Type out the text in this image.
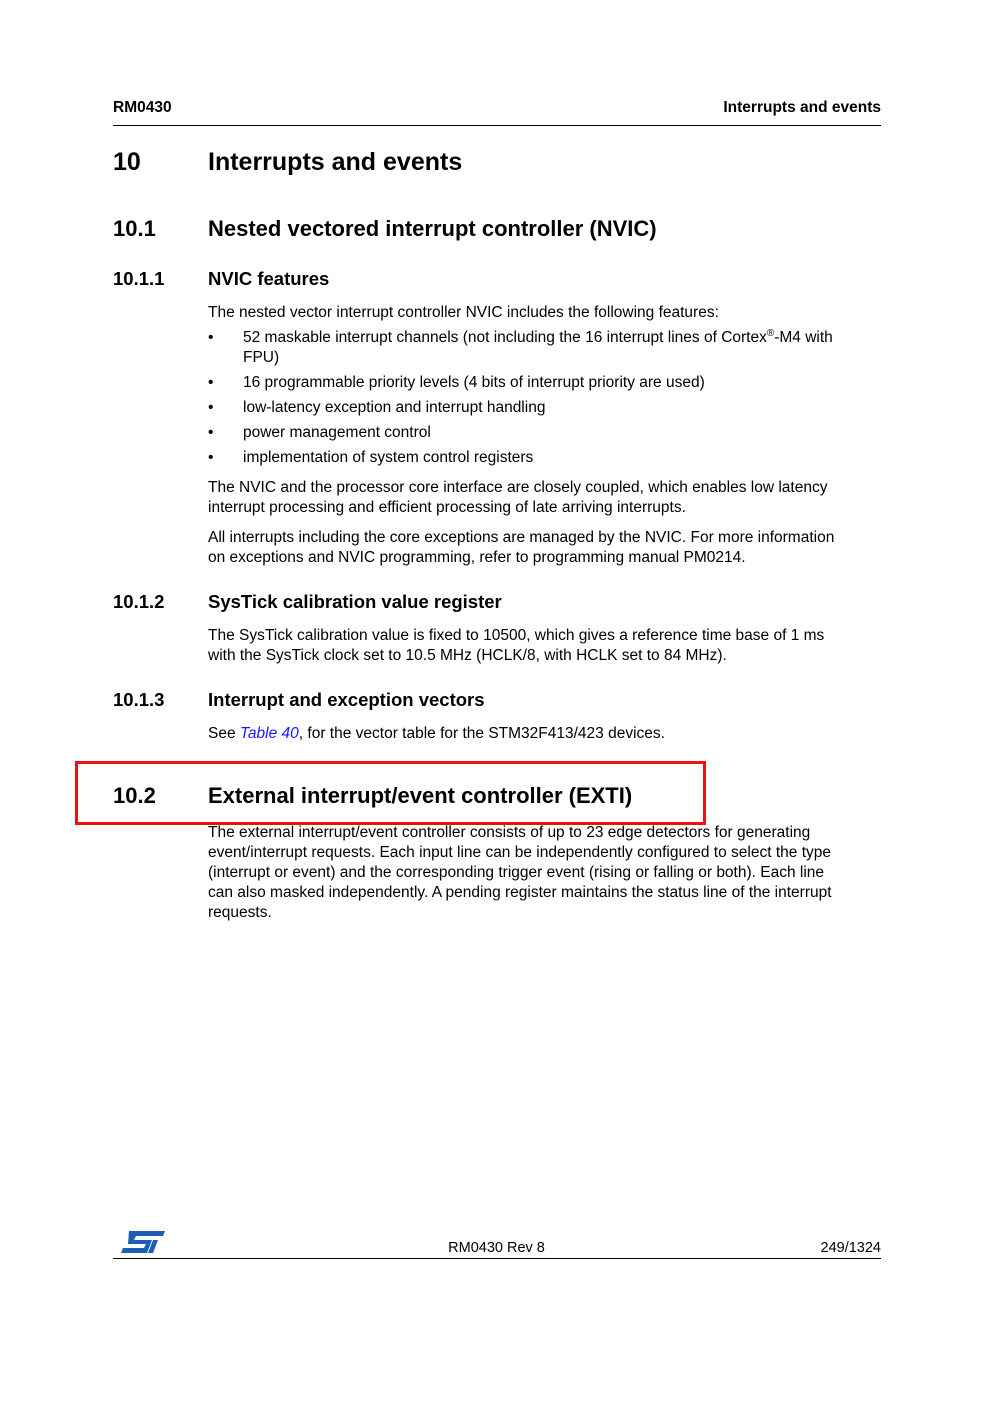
RM0430	Interrupts and events
10	Interrupts and events
10.1 Nested vectored interrupt controller (NVIC)
10.1.1 NVIC features
The nested vector interrupt controller NVIC includes the following features:
• 52 maskable interrupt channels (not including the 16 interrupt lines of Cortex®-M4 with
FPU)
• 16 programmable priority levels (4 bits of interrupt priority are used)
• low-latency exception and interrupt handling
• power management control
• implementation of system control registers
The NVIC and the processor core interface are closely coupled, which enables low latency
interrupt processing and efficient processing of late arriving interrupts.
All interrupts including the core exceptions are managed by the NVIC. For more information
on exceptions and NVIC programming, refer to programming manual PM0214.
10.1.2 SysTick calibration value register
The SysTick calibration value is fixed to 10500, which gives a reference time base of 1 ms
with the SysTick clock set to 10.5 MHz (HCLK/8, with HCLK set to 84 MHz).
10.1.3 Interrupt and exception vectors
See Table 40, for the vector table for the STM32F413/423 devices.
10.2 External interrupt/event controller (EXTI)
The external interrupt/event controller consists of up to 23 edge detectors for generating
event/interrupt requests. Each input line can be independently configured to select the type
(interrupt or event) and the corresponding trigger event (rising or falling or both). Each line
can also masked independently. A pending register maintains the status line of the interrupt
requests.
RM0430 Rev 8	249/1324
